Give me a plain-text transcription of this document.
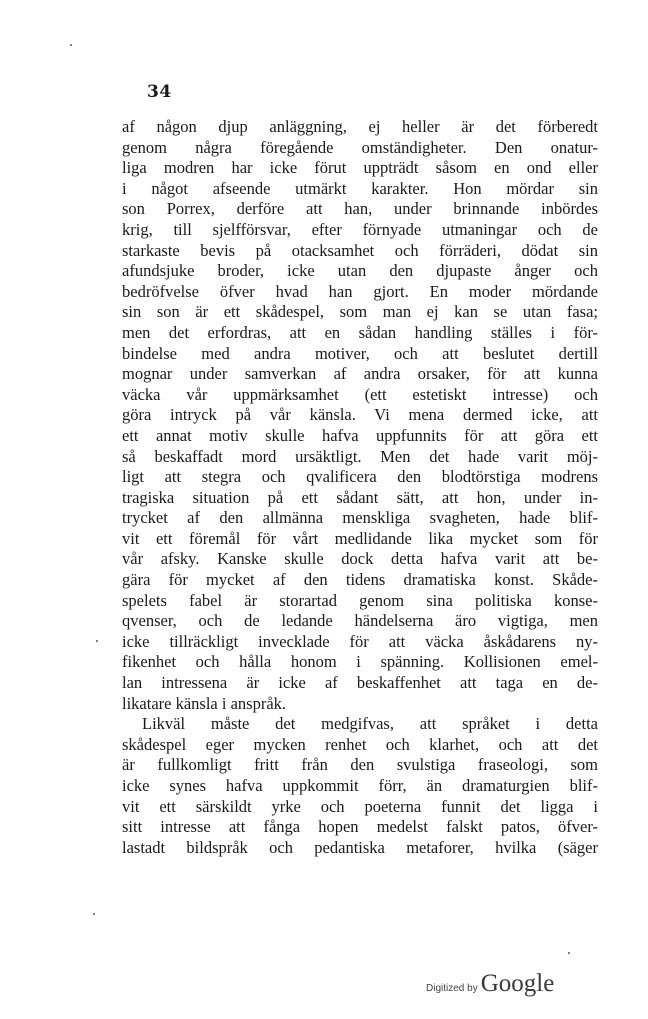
34
af någon djup anläggning, ej heller är det förberedt
genom några föregående omständigheter. Den onatur-
liga modren har icke förut uppträdt såsom en ond eller
i något afseende utmärkt karakter. Hon mördar sin
son Porrex, derföre att han, under brinnande inbördes
krig, till sjelfförsvar, efter förnyade utmaningar och de
starkaste bevis på otacksamhet och förräderi, dödat sin
afundsjuke broder, icke utan den djupaste ånger och
bedröfvelse öfver hvad han gjort. En moder mördande
sin son är ett skådespel, som man ej kan se utan fasa;
men det erfordras, att en sådan handling ställes i för-
bindelse med andra motiver, och att beslutet dertill
mognar under samverkan af andra orsaker, för att kunna
väcka vår uppmärksamhet (ett estetiskt intresse) och
göra intryck på vår känsla. Vi mena dermed icke, att
ett annat motiv skulle hafva uppfunnits för att göra ett
så beskaffadt mord ursäktligt. Men det hade varit möj-
ligt att stegra och qvalificera den blodtörstiga modrens
tragiska situation på ett sådant sätt, att hon, under in-
trycket af den allmänna menskliga svagheten, hade blif-
vit ett föremål för vårt medlidande lika mycket som för
vår afsky. Kanske skulle dock detta hafva varit att be-
gära för mycket af den tidens dramatiska konst. Skåde-
spelets fabel är storartad genom sina politiska konse-
qvenser, och de ledande händelserna äro vigtiga, men
icke tillräckligt invecklade för att väcka åskådarens ny-
fikenhet och hålla honom i spänning. Kollisionen emel-
lan intressena är icke af beskaffenhet att taga en de-
likatare känsla i anspråk.
Likväl måste det medgifvas, att språket i detta
skådespel eger mycken renhet och klarhet, och att det
är fullkomligt fritt från den svulstiga fraseologi, som
icke synes hafva uppkommit förr, än dramaturgien blif-
vit ett särskildt yrke och poeterna funnit det ligga i
sitt intresse att fånga hopen medelst falskt patos, öfver-
lastadt bildspråk och pedantiska metaforer, hvilka (säger
Digitized by Google
